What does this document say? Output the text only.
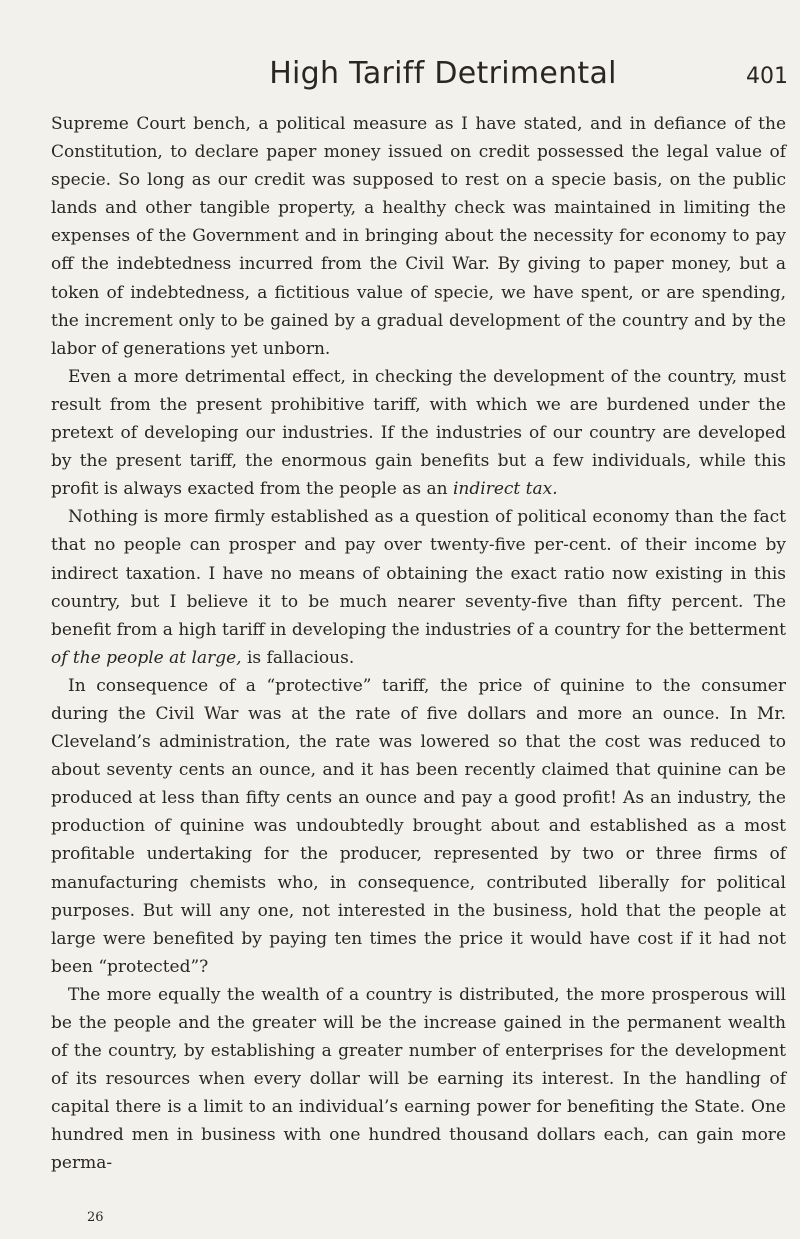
High Tariff Detrimental	401

Supreme Court bench, a political measure as I have stated, and in defiance of the Constitution, to declare paper money issued on credit possessed the legal value of specie. So long as our credit was supposed to rest on a specie basis, on the public lands and other tangible property, a healthy check was maintained in limiting the expenses of the Government and in bringing about the necessity for economy to pay off the indebtedness incurred from the Civil War. By giving to paper money, but a token of indebtedness, a fictitious value of specie, we have spent, or are spending, the increment only to be gained by a gradual development of the country and by the labor of generations yet unborn.

Even a more detrimental effect, in checking the development of the country, must result from the present prohibitive tariff, with which we are burdened under the pretext of developing our industries. If the industries of our country are developed by the present tariff, the enormous gain benefits but a few individuals, while this profit is always exacted from the people as an indirect tax.

Nothing is more firmly established as a question of political economy than the fact that no people can prosper and pay over twenty-five per-cent. of their income by indirect taxation. I have no means of obtaining the exact ratio now existing in this country, but I believe it to be much nearer seventy-five than fifty percent. The benefit from a high tariff in developing the industries of a country for the betterment of the people at large, is fallacious.

In consequence of a “protective” tariff, the price of quinine to the consumer during the Civil War was at the rate of five dollars and more an ounce. In Mr. Cleveland’s administration, the rate was lowered so that the cost was reduced to about seventy cents an ounce, and it has been recently claimed that quinine can be produced at less than fifty cents an ounce and pay a good profit! As an industry, the production of quinine was undoubtedly brought about and established as a most profitable undertaking for the producer, represented by two or three firms of manufacturing chemists who, in consequence, contributed liberally for political purposes. But will any one, not interested in the business, hold that the people at large were benefited by paying ten times the price it would have cost if it had not been “protected”?

The more equally the wealth of a country is distributed, the more prosperous will be the people and the greater will be the increase gained in the permanent wealth of the country, by establishing a greater number of enterprises for the development of its resources when every dollar will be earning its interest. In the handling of capital there is a limit to an individual’s earning power for benefiting the State. One hundred men in business with one hundred thousand dollars each, can gain more perma-

26
